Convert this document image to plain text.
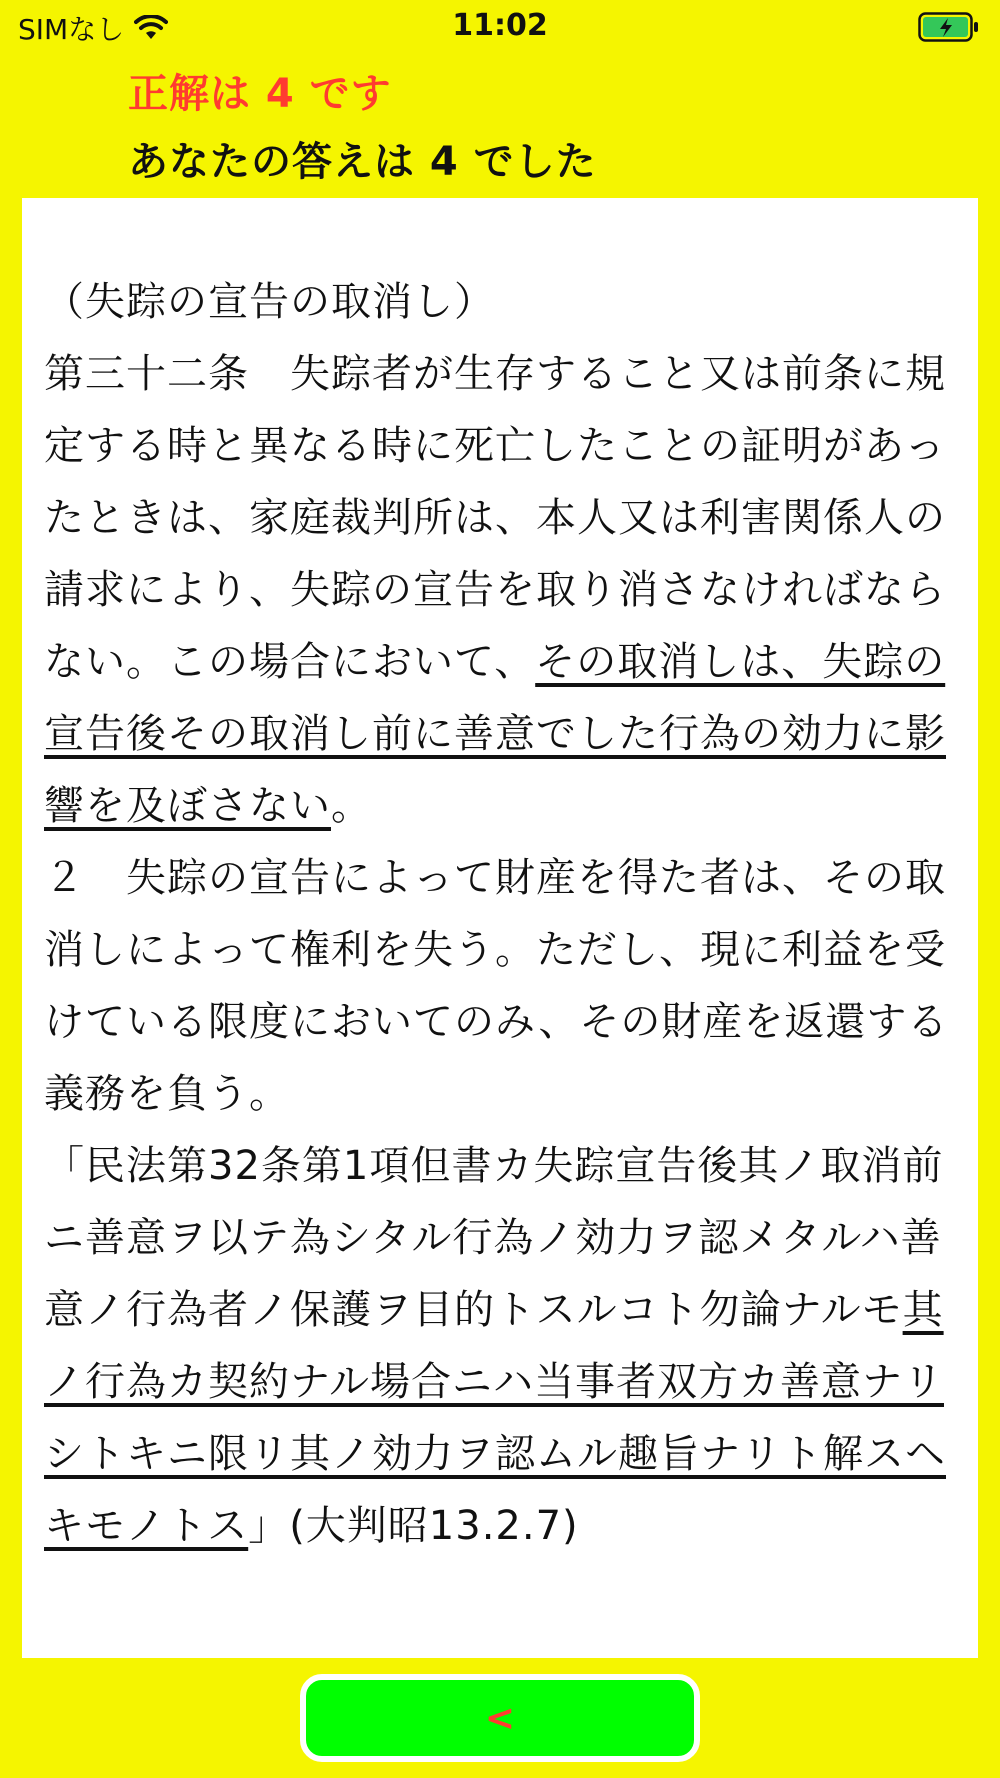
SIMなし	11:02
正解は 4 です
あなたの答えは 4 でした
（失踪の宣告の取消し）
第三十二条　失踪者が生存すること又は前条に規定する時と異なる時に死亡したことの証明があったときは、家庭裁判所は、本人又は利害関係人の請求により、失踪の宣告を取り消さなければならない。この場合において、その取消しは、失踪の宣告後その取消し前に善意でした行為の効力に影響を及ぼさない。
２　失踪の宣告によって財産を得た者は、その取消しによって権利を失う。ただし、現に利益を受けている限度においてのみ、その財産を返還する義務を負う。
「民法第32条第1項但書カ失踪宣告後其ノ取消前ニ善意ヲ以テ為シタル行為ノ効力ヲ認メタルハ善意ノ行為者ノ保護ヲ目的トスルコト勿論ナルモ其ノ行為カ契約ナル場合ニハ当事者双方カ善意ナリシトキニ限リ其ノ効力ヲ認ムル趣旨ナリト解スヘキモノトス」(大判昭13.2.7)
<
